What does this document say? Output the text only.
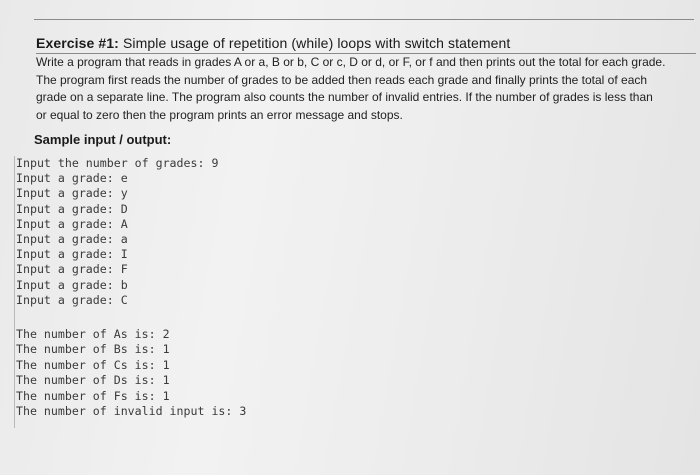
Exercise #1: Simple usage of repetition (while) loops with switch statement

Write a program that reads in grades A or a, B or b, C or c, D or d, or F, or f and then prints out the total for each grade.
The program first reads the number of grades to be added then reads each grade and finally prints the total of each
grade on a separate line. The program also counts the number of invalid entries. If the number of grades is less than
or equal to zero then the program prints an error message and stops.

Sample input / output:
Input the number of grades: 9
Input a grade: e
Input a grade: y
Input a grade: D
Input a grade: A
Input a grade: a
Input a grade: I
Input a grade: F
Input a grade: b
Input a grade: C
The number of As is: 2
The number of Bs is: 1
The number of Cs is: 1
The number of Ds is: 1
The number of Fs is: 1
The number of invalid input is: 3
